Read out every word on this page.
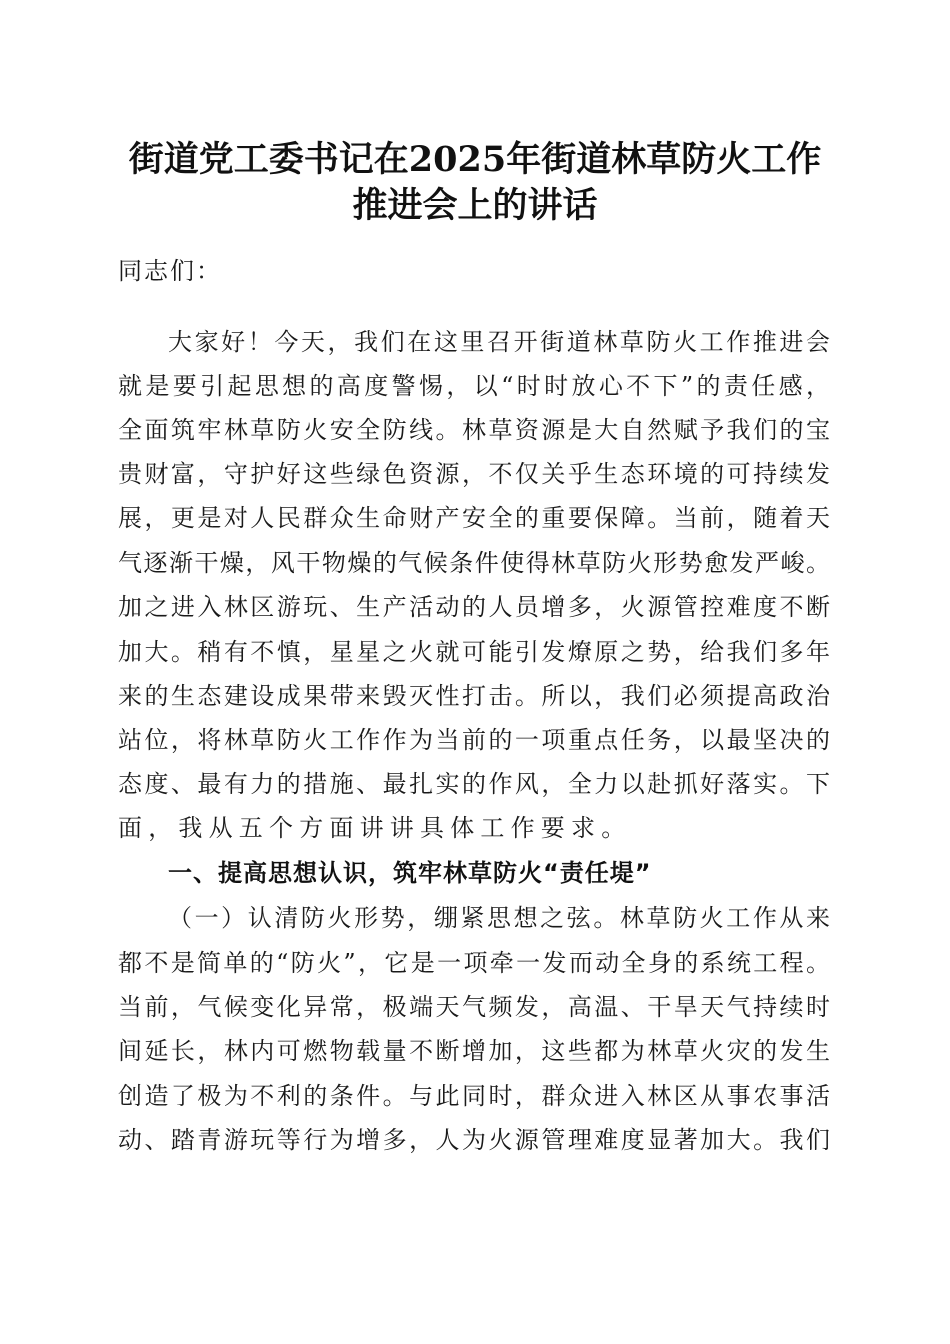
街道党工委书记在2025年街道林草防火工作
推进会上的讲话
同志们：
大家好！今天，我们在这里召开街道林草防火工作推进会
就是要引起思想的高度警惕，以“时时放心不下”的责任感，
全面筑牢林草防火安全防线。林草资源是大自然赋予我们的宝
贵财富，守护好这些绿色资源，不仅关乎生态环境的可持续发
展，更是对人民群众生命财产安全的重要保障。当前，随着天
气逐渐干燥，风干物燥的气候条件使得林草防火形势愈发严峻。
加之进入林区游玩、生产活动的人员增多，火源管控难度不断
加大。稍有不慎，星星之火就可能引发燎原之势，给我们多年
来的生态建设成果带来毁灭性打击。所以，我们必须提高政治
站位，将林草防火工作作为当前的一项重点任务，以最坚决的
态度、最有力的措施、最扎实的作风，全力以赴抓好落实。下
面，我从五个方面讲讲具体工作要求。
一、提高思想认识，筑牢林草防火“责任堤”
（一）认清防火形势，绷紧思想之弦。林草防火工作从来
都不是简单的“防火”，它是一项牵一发而动全身的系统工程。
当前，气候变化异常，极端天气频发，高温、干旱天气持续时
间延长，林内可燃物载量不断增加，这些都为林草火灾的发生
创造了极为不利的条件。与此同时，群众进入林区从事农事活
动、踏青游玩等行为增多，人为火源管理难度显著加大。我们
